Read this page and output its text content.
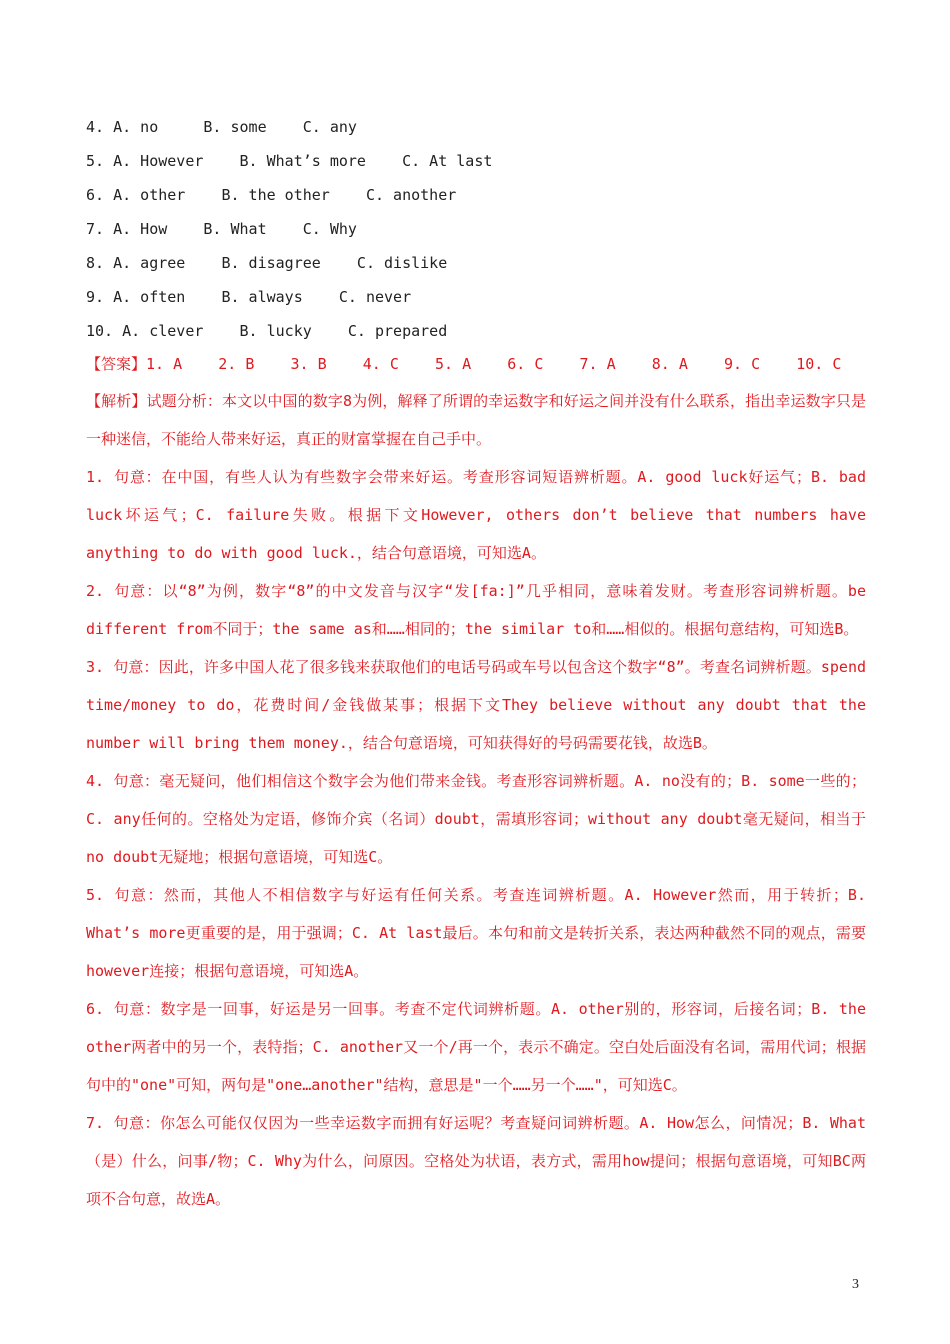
4. A. no     B. some    C. any
5. A. However    B. What’s more    C. At last
6. A. other    B. the other    C. another
7. A. How    B. What    C. Why
8. A. agree    B. disagree    C. dislike
9. A. often    B. always    C. never
10. A. clever    B. lucky    C. prepared
【答案】1. A    2. B    3. B    4. C    5. A    6. C    7. A    8. A    9. C    10. C

【解析】试题分析：本文以中国的数字8为例，解释了所谓的幸运数字和好运之间并没有什么联系，指出幸运数字只是一种迷信，不能给人带来好运，真正的财富掌握在自己手中。

1. 句意：在中国，有些人认为有些数字会带来好运。考查形容词短语辨析题。A. good luck好运气；B. bad luck坏运气；C. failure失败。根据下文However, others don’t believe that numbers have anything to do with good luck.，结合句意语境，可知选A。

2. 句意：以“8”为例，数字“8”的中文发音与汉字“发[fa:]”几乎相同，意味着发财。考查形容词辨析题。be different from不同于；the same as和……相同的；the similar to和……相似的。根据句意结构，可知选B。

3. 句意：因此，许多中国人花了很多钱来获取他们的电话号码或车号以包含这个数字“8”。考查名词辨析题。spend time/money to do，花费时间/金钱做某事；根据下文They believe without any doubt that the number will bring them money.，结合句意语境，可知获得好的号码需要花钱，故选B。

4. 句意：毫无疑问，他们相信这个数字会为他们带来金钱。考查形容词辨析题。A. no没有的；B. some一些的；C. any任何的。空格处为定语，修饰介宾（名词）doubt，需填形容词；without any doubt毫无疑问，相当于no doubt无疑地；根据句意语境，可知选C。

5. 句意：然而，其他人不相信数字与好运有任何关系。考查连词辨析题。A. However然而，用于转折；B. What’s more更重要的是，用于强调；C. At last最后。本句和前文是转折关系，表达两种截然不同的观点，需要however连接；根据句意语境，可知选A。

6. 句意：数字是一回事，好运是另一回事。考查不定代词辨析题。A. other别的，形容词，后接名词；B. the other两者中的另一个，表特指；C. another又一个/再一个，表示不确定。空白处后面没有名词，需用代词；根据句中的"one"可知，两句是"one…another"结构，意思是"一个……另一个……"，可知选C。

7. 句意：你怎么可能仅仅因为一些幸运数字而拥有好运呢？考查疑问词辨析题。A. How怎么，问情况；B. What（是）什么，问事/物；C. Why为什么，问原因。空格处为状语，表方式，需用how提问；根据句意语境，可知BC两项不合句意，故选A。

3
